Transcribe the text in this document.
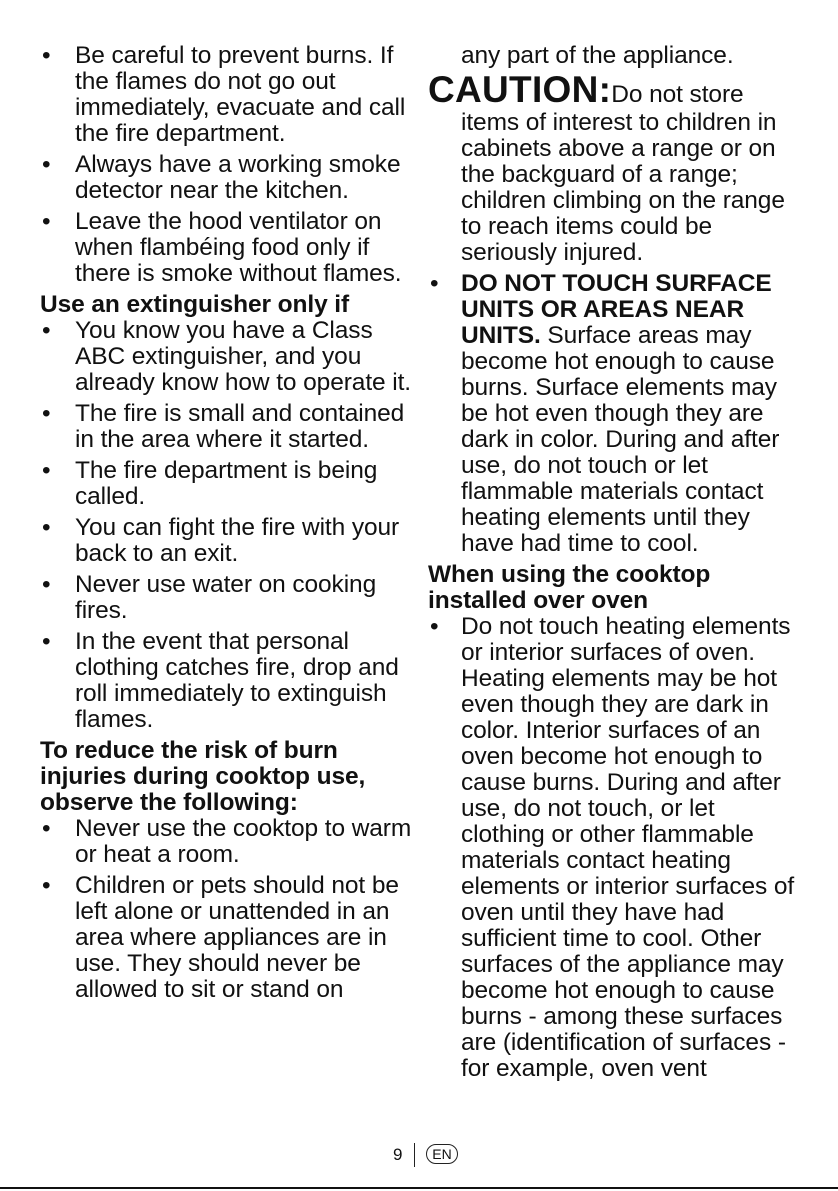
•	Be careful to prevent burns. If the flames do not go out immediately, evacuate and call the fire department.
•	Always have a working smoke detector near the kitchen.
•	Leave the hood ventilator on when flambéing food only if there is smoke without flames.
Use an extinguisher only if
•	You know you have a Class ABC extinguisher, and you already know how to operate it.
•	The fire is small and contained in the area where it started.
•	The fire department is being called.
•	You can fight the fire with your back to an exit.
•	Never use water on cooking fires.
•	In the event that personal clothing catches fire, drop and roll immediately to extinguish flames.
To reduce the risk of burn injuries during cooktop use, observe the following:
•	Never use the cooktop to warm or heat a room.
•	Children or pets should not be left alone or unattended in an area where appliances are in use. They should never be allowed to sit or stand on
any part of the appliance.
CAUTION:Do not store
items of interest to children in cabinets above a range or on the backguard of a range; children climbing on the range to reach items could be seriously injured.
• DO NOT TOUCH SURFACE UNITS OR AREAS NEAR UNITS. Surface areas may become hot enough to cause burns. Surface elements may be hot even though they are dark in color. During and after use, do not touch or let flammable materials contact heating elements until they have had time to cool.
When using the cooktop installed over oven
• Do not touch heating elements or interior surfaces of oven. Heating elements may be hot even though they are dark in color. Interior surfaces of an oven become hot enough to cause burns. During and after use, do not touch, or let clothing or other flammable materials contact heating elements or interior surfaces of oven until they have had sufficient time to cool. Other surfaces of the appliance may become hot enough to cause burns - among these surfaces are (identification of surfaces - for example, oven vent
9	EN
